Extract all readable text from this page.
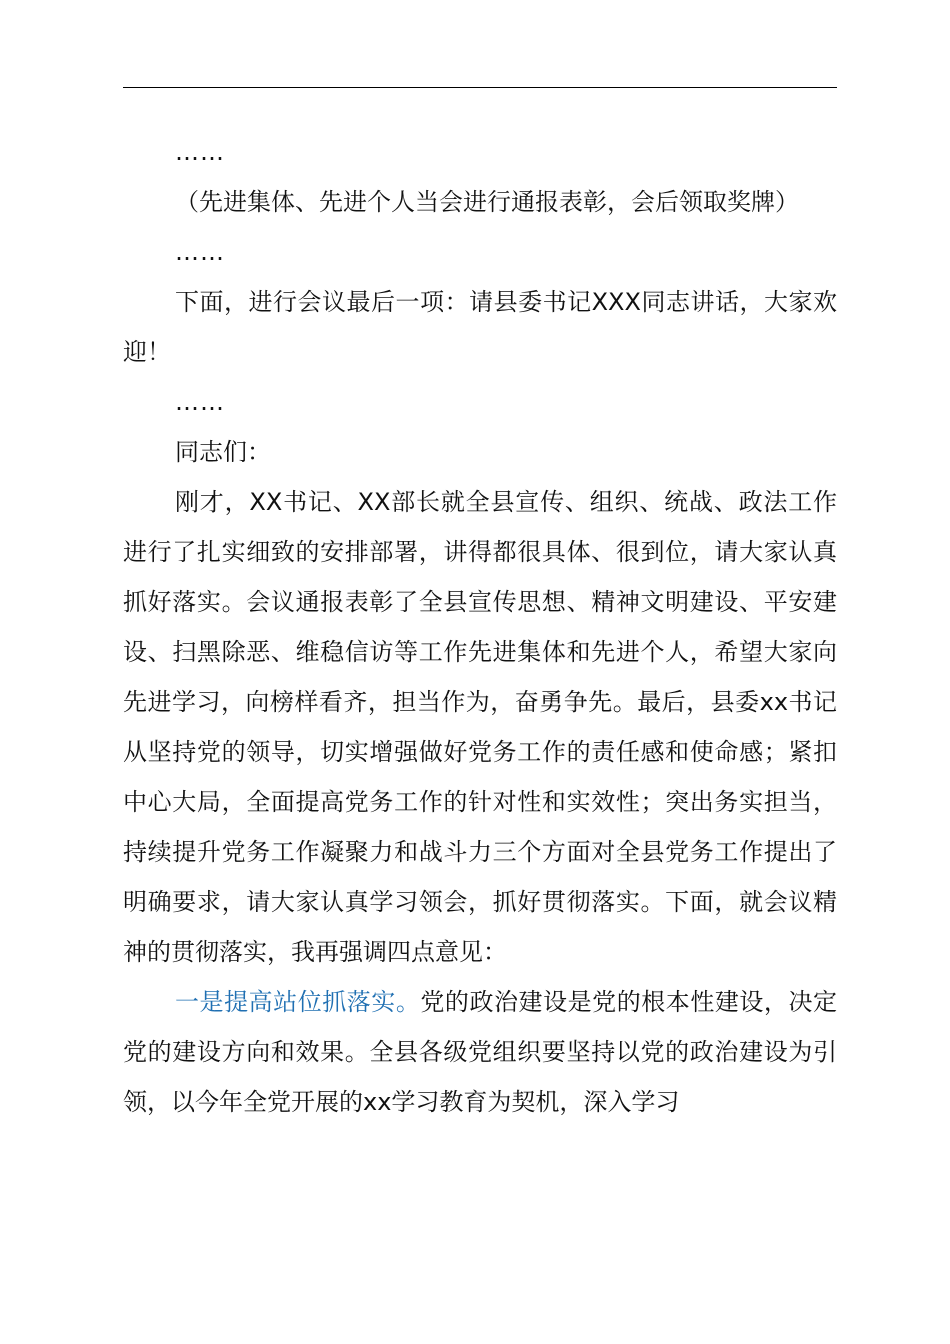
……

（先进集体、先进个人当会进行通报表彰，会后领取奖牌）

……

下面，进行会议最后一项：请县委书记XXX同志讲话，大家欢迎！

……

同志们：

刚才，XX书记、XX部长就全县宣传、组织、统战、政法工作进行了扎实细致的安排部署，讲得都很具体、很到位，请大家认真抓好落实。会议通报表彰了全县宣传思想、精神文明建设、平安建设、扫黑除恶、维稳信访等工作先进集体和先进个人，希望大家向先进学习，向榜样看齐，担当作为，奋勇争先。最后，县委xx书记从坚持党的领导，切实增强做好党务工作的责任感和使命感；紧扣中心大局，全面提高党务工作的针对性和实效性；突出务实担当，持续提升党务工作凝聚力和战斗力三个方面对全县党务工作提出了明确要求，请大家认真学习领会，抓好贯彻落实。下面，就会议精神的贯彻落实，我再强调四点意见：

一是提高站位抓落实。党的政治建设是党的根本性建设，决定党的建设方向和效果。全县各级党组织要坚持以党的政治建设为引领，以今年全党开展的xx学习教育为契机，深入学习
